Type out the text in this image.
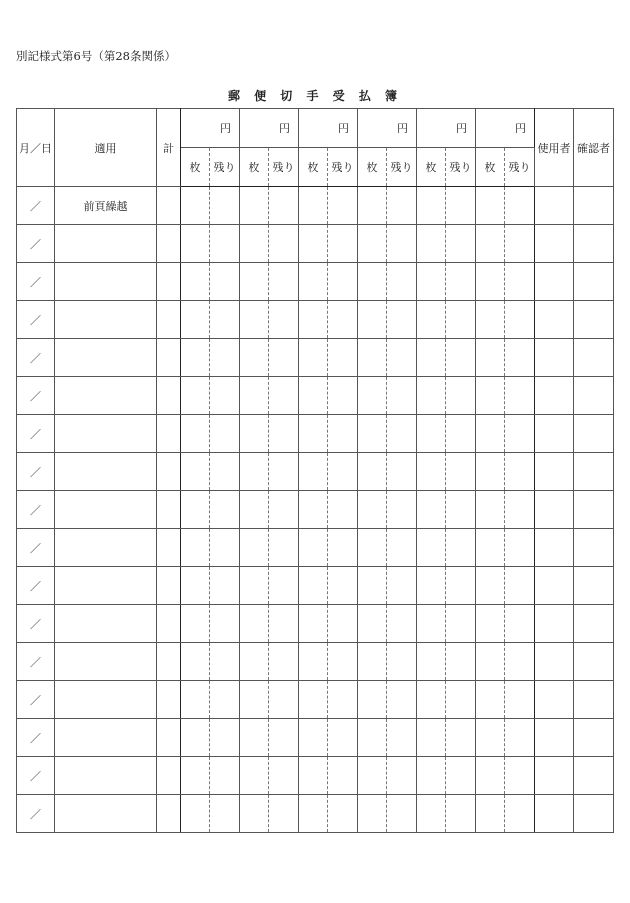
別記様式第6号（第28条関係）
郵 便 切 手 受 払 簿
月／日	適用	計	円		円		円		円		円		円		使用者	確認者
			枚	残り	枚	残り	枚	残り	枚	残り	枚	残り	枚	残り		
／	前頁繰越															
／																
／																
／																
／																
／																
／																
／																
／																
／																
／																
／																
／																
／																
／																
／																
／																
